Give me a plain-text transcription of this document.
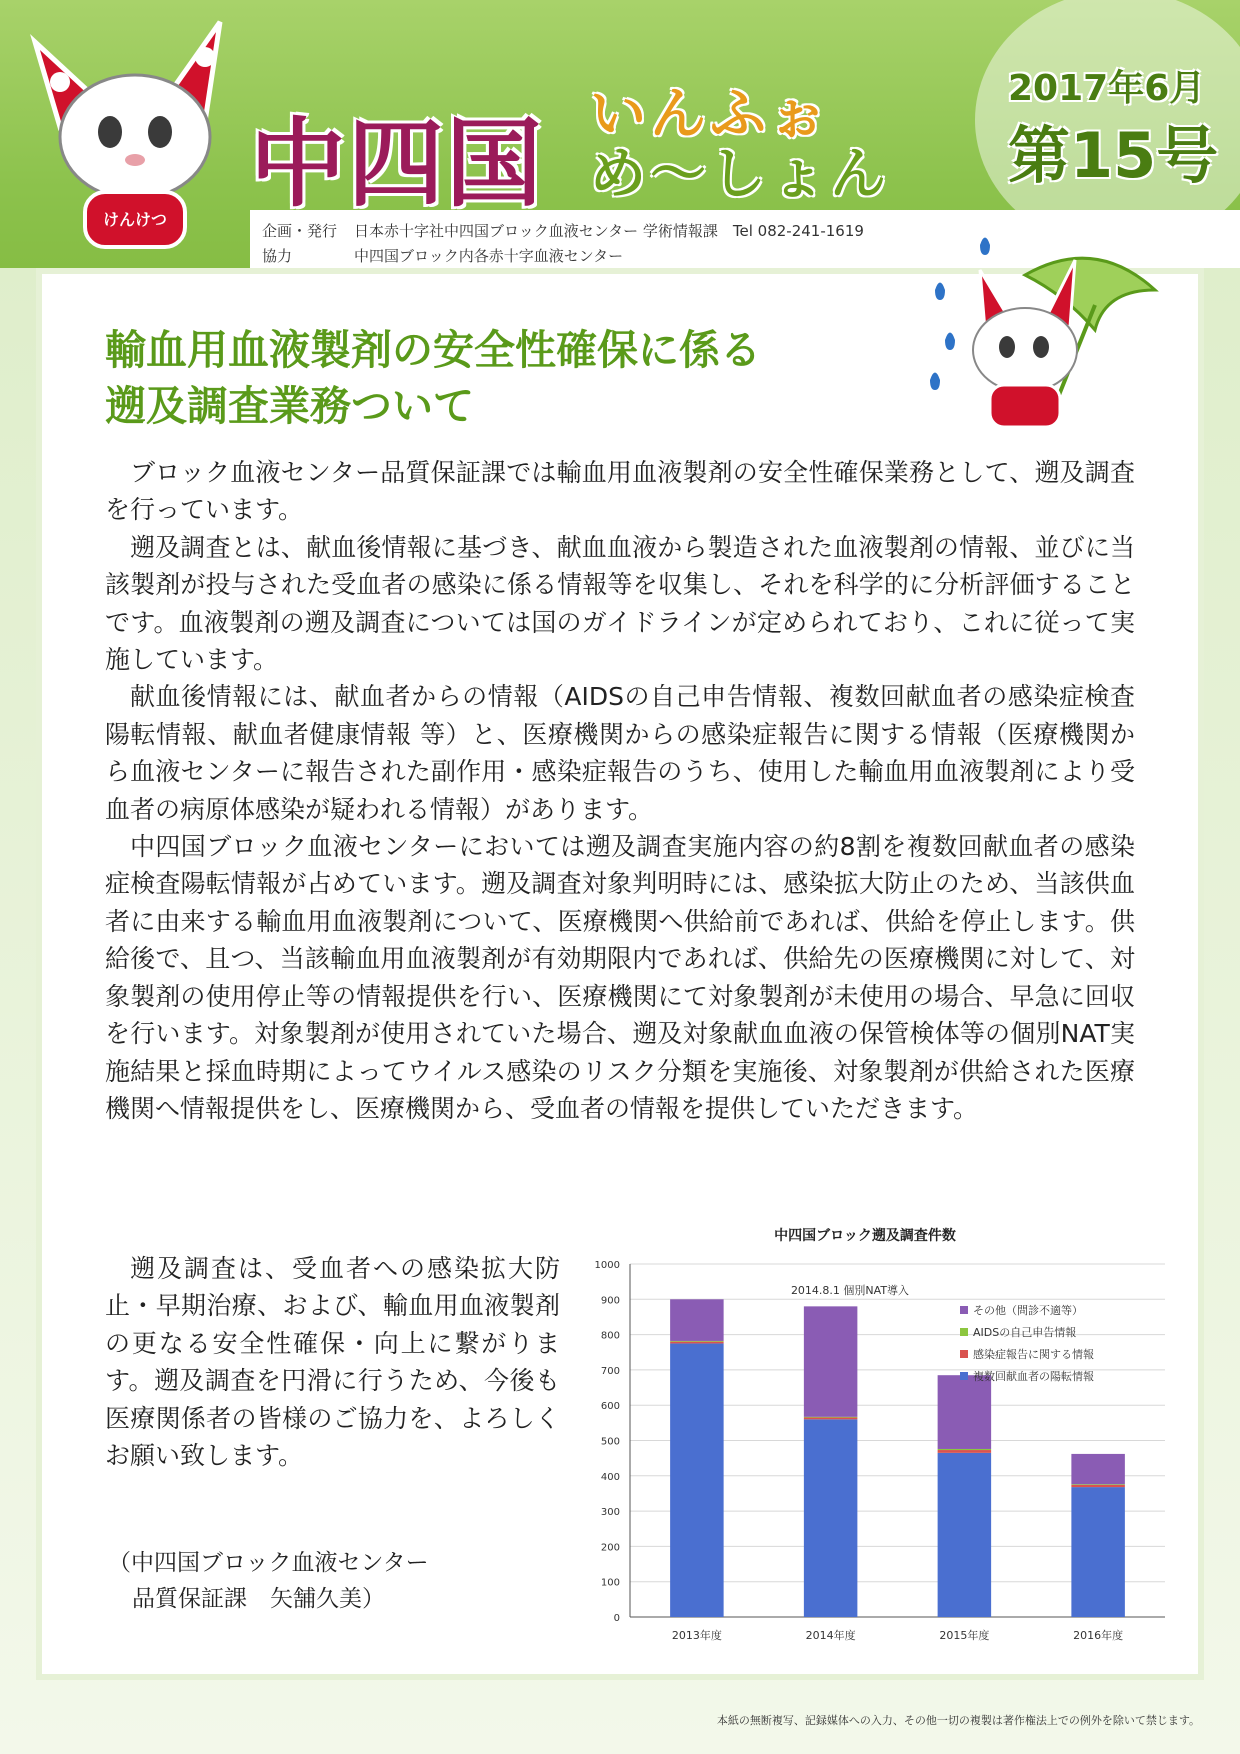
けんけつ 中四国 いんふぉ
め〜しょん
2017年6月
第15号
企画・発行 日本赤十字社中四国ブロック血液センター 学術情報課　Tel 082-241-1619
協力	中四国ブロック内各赤十字血液センター
輸血用血液製剤の安全性確保に係る
遡及調査業務ついて

ブロック血液センター品質保証課では輸血用血液製剤の安全性確保業務として、遡及調査を行っています。

遡及調査とは、献血後情報に基づき、献血血液から製造された血液製剤の情報、並びに当該製剤が投与された受血者の感染に係る情報等を収集し、それを科学的に分析評価することです。血液製剤の遡及調査については国のガイドラインが定められており、これに従って実施しています。

献血後情報には、献血者からの情報（AIDSの自己申告情報、複数回献血者の感染症検査陽転情報、献血者健康情報 等）と、医療機関からの感染症報告に関する情報（医療機関から血液センターに報告された副作用・感染症報告のうち、使用した輸血用血液製剤により受血者の病原体感染が疑われる情報）があります。

中四国ブロック血液センターにおいては遡及調査実施内容の約8割を複数回献血者の感染症検査陽転情報が占めています。遡及調査対象判明時には、感染拡大防止のため、当該供血者に由来する輸血用血液製剤について、医療機関へ供給前であれば、供給を停止します。供給後で、且つ、当該輸血用血液製剤が有効期限内であれば、供給先の医療機関に対して、対象製剤の使用停止等の情報提供を行い、医療機関にて対象製剤が未使用の場合、早急に回収を行います。対象製剤が使用されていた場合、遡及対象献血血液の保管検体等の個別NAT実施結果と採血時期によってウイルス感染のリスク分類を実施後、対象製剤が供給された医療機関へ情報提供をし、医療機関から、受血者の情報を提供していただきます。

遡及調査は、受血者への感染拡大防止・早期治療、および、輸血用血液製剤の更なる安全性確保・向上に繋がります。遡及調査を円滑に行うため、今後も医療関係者の皆様のご協力を、よろしくお願い致します。
（中四国ブロック血液センター
品質保証課　矢舗久美）
中四国ブロック遡及調査件数
0
100
200
300
400
500
600
700
800
900
1000
2013年度	2014年度	2015年度	2016年度
2014.8.1 個別NAT導入
その他（問診不適等）
AIDSの自己申告情報
感染症報告に関する情報
複数回献血者の陽転情報
本紙の無断複写、記録媒体への入力、その他一切の複製は著作権法上での例外を除いて禁じます。
